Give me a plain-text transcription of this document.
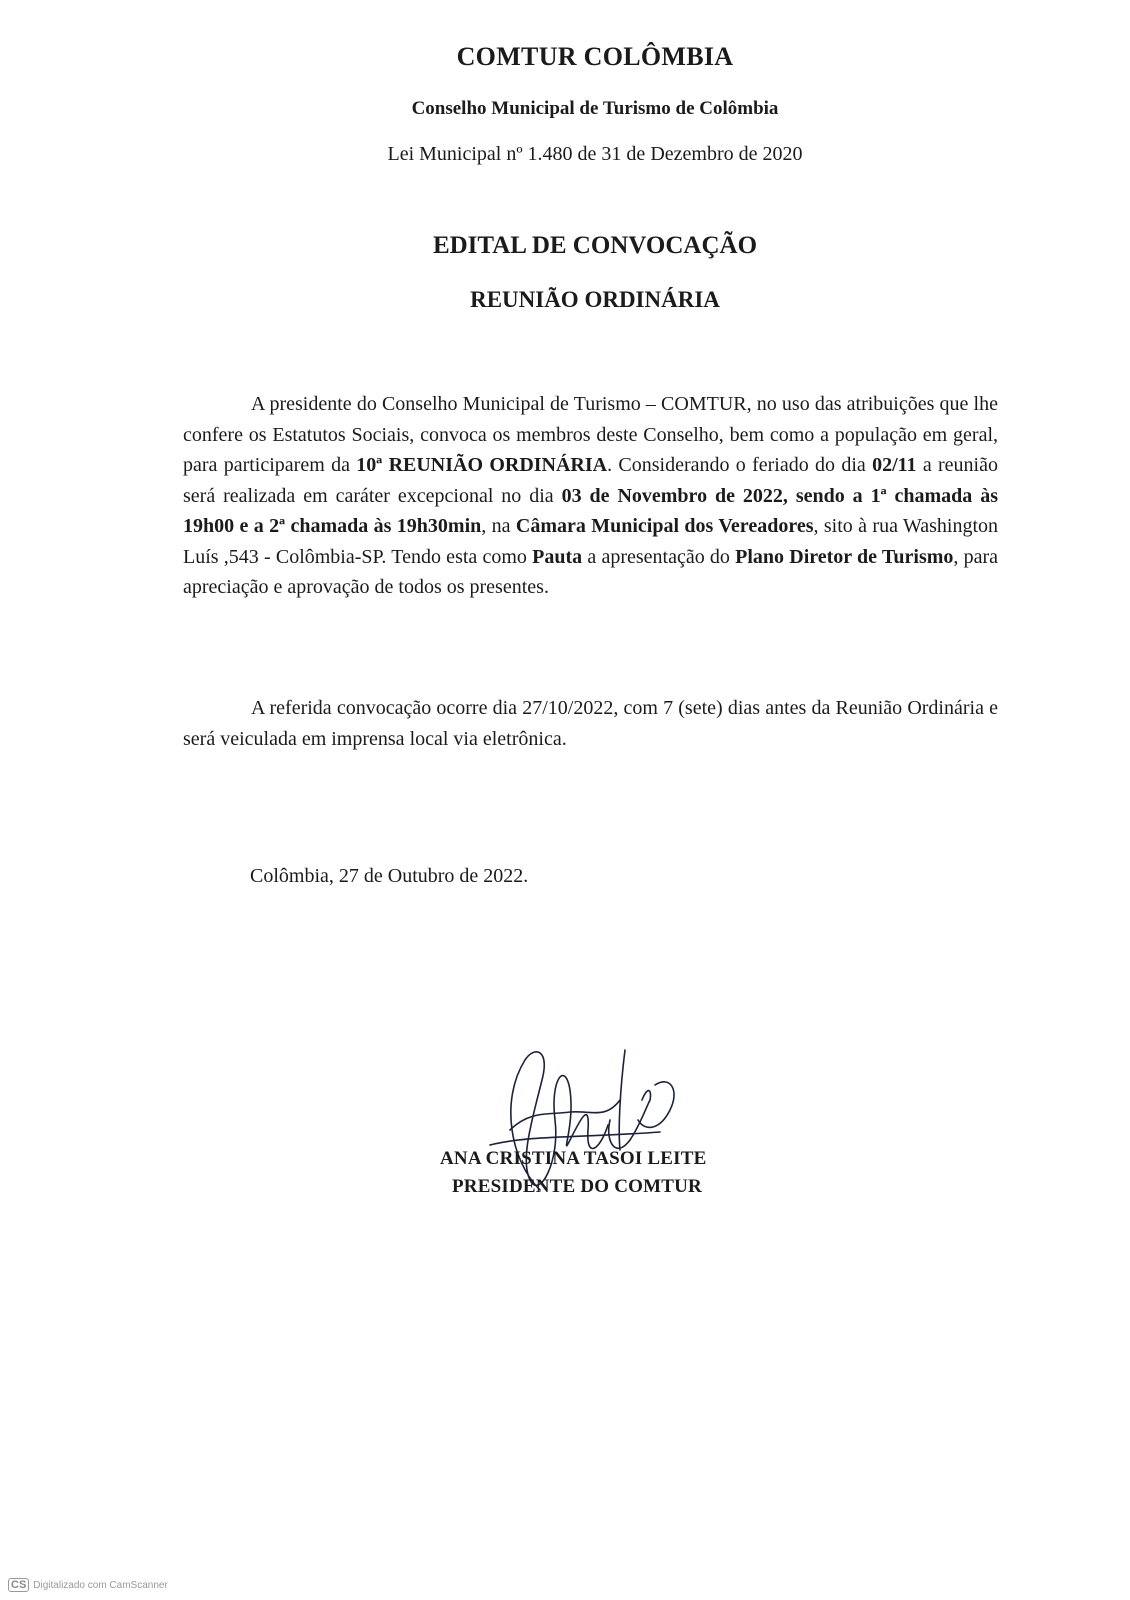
COMTUR COLÔMBIA
Conselho Municipal de Turismo de Colômbia
Lei Municipal nº 1.480 de 31 de Dezembro de 2020
EDITAL DE CONVOCAÇÃO
REUNIÃO ORDINÁRIA
A presidente do Conselho Municipal de Turismo – COMTUR, no uso das atribuições que lhe confere os Estatutos Sociais, convoca os membros deste Conselho, bem como a população em geral, para participarem da 10ª REUNIÃO ORDINÁRIA. Considerando o feriado do dia 02/11 a reunião será realizada em caráter excepcional no dia 03 de Novembro de 2022, sendo a 1ª chamada às 19h00 e a 2ª chamada às 19h30min, na Câmara Municipal dos Vereadores, sito à rua Washington Luís ,543 - Colômbia-SP. Tendo esta como Pauta a apresentação do Plano Diretor de Turismo, para apreciação e aprovação de todos os presentes.
A referida convocação ocorre dia 27/10/2022, com 7 (sete) dias antes da Reunião Ordinária e será veiculada em imprensa local via eletrônica.
Colômbia, 27 de Outubro de 2022.
ANA CRISTINA TASOI LEITE
PRESIDENTE DO COMTUR
CS Digitalizado com CamScanner
